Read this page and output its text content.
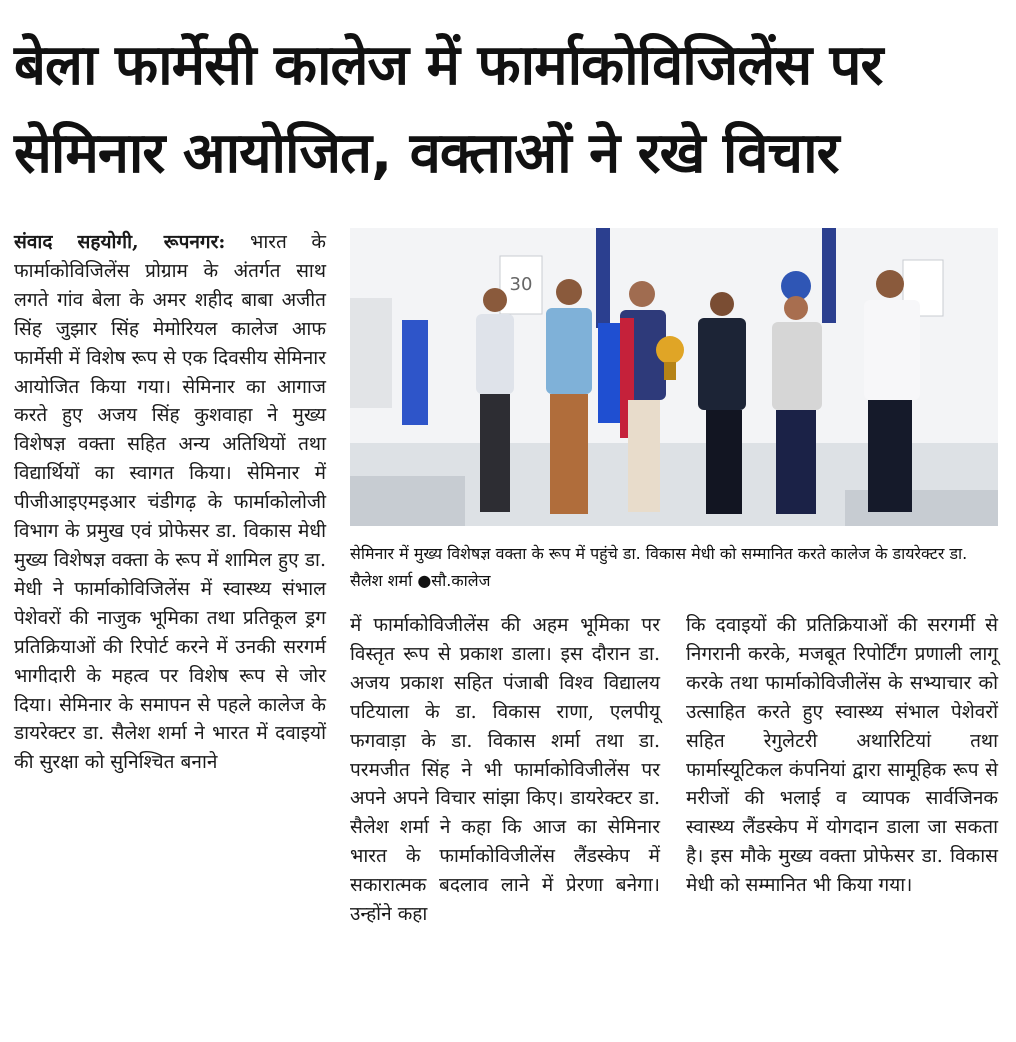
बेला फार्मेसी कालेज में फार्माकोविजिलेंस पर
सेमिनार आयोजित, वक्ताओं ने रखे विचार
संवाद सहयोगी, रूपनगर: भारत के फार्माकोविजिलेंस प्रोग्राम के अंतर्गत साथ लगते गांव बेला के अमर शहीद बाबा अजीत सिंह जुझार सिंह मेमोरियल कालेज आफ फार्मेसी में विशेष रूप से एक दिवसीय सेमिनार आयोजित किया गया। सेमिनार का आगाज करते हुए अजय सिंह कुशवाहा ने मुख्य विशेषज्ञ वक्ता सहित अन्य अतिथियों तथा विद्यार्थियों का स्वागत किया। सेमिनार में पीजीआइएमइआर चंडीगढ़ के फार्माकोलोजी विभाग के प्रमुख एवं प्रोफेसर डा. विकास मेधी मुख्य विशेषज्ञ वक्ता के रूप में शामिल हुए डा. मेधी ने फार्माकोविजिलेंस में स्वास्थ्य संभाल पेशेवरों की नाजुक भूमिका तथा प्रतिकूल ड्रग प्रतिक्रियाओं की रिपोर्ट करने में उनकी सरगर्म भागीदारी के महत्व पर विशेष रूप से जोर दिया। सेमिनार के समापन से पहले कालेज के डायरेक्टर डा. सैलेश शर्मा ने भारत में दवाइयों की सुरक्षा को सुनिश्चित बनाने
30
सेमिनार में मुख्य विशेषज्ञ वक्ता के रूप में पहुंचे डा. विकास मेधी को सम्मानित करते कालेज के डायरेक्टर डा. सैलेश शर्मा ●सौ.कालेज
में फार्माकोविजीलेंस की अहम भूमिका पर विस्तृत रूप से प्रकाश डाला। इस दौरान डा. अजय प्रकाश सहित पंजाबी विश्व विद्यालय पटियाला के डा. विकास राणा, एलपीयू फगवाड़ा के डा. विकास शर्मा तथा डा. परमजीत सिंह ने भी फार्माकोविजीलेंस पर अपने अपने विचार सांझा किए। डायरेक्टर डा. सैलेश शर्मा ने कहा कि आज का सेमिनार भारत के फार्माकोविजीलेंस लैंडस्केप में सकारात्मक बदलाव लाने में प्रेरणा बनेगा। उन्होंने कहा
कि दवाइयों की प्रतिक्रियाओं की सरगर्मी से निगरानी करके, मजबूत रिपोर्टिंग प्रणाली लागू करके तथा फार्माकोविजीलेंस के सभ्याचार को उत्साहित करते हुए स्वास्थ्य संभाल पेशेवरों सहित रेगुलेटरी अथारिटियां तथा फार्मास्यूटिकल कंपनियां द्वारा सामूहिक रूप से मरीजों की भलाई व व्यापक सार्वजिनक स्वास्थ्य लैंडस्केप में योगदान डाला जा सकता है। इस मौके मुख्य वक्ता प्रोफेसर डा. विकास मेधी को सम्मानित भी किया गया।
